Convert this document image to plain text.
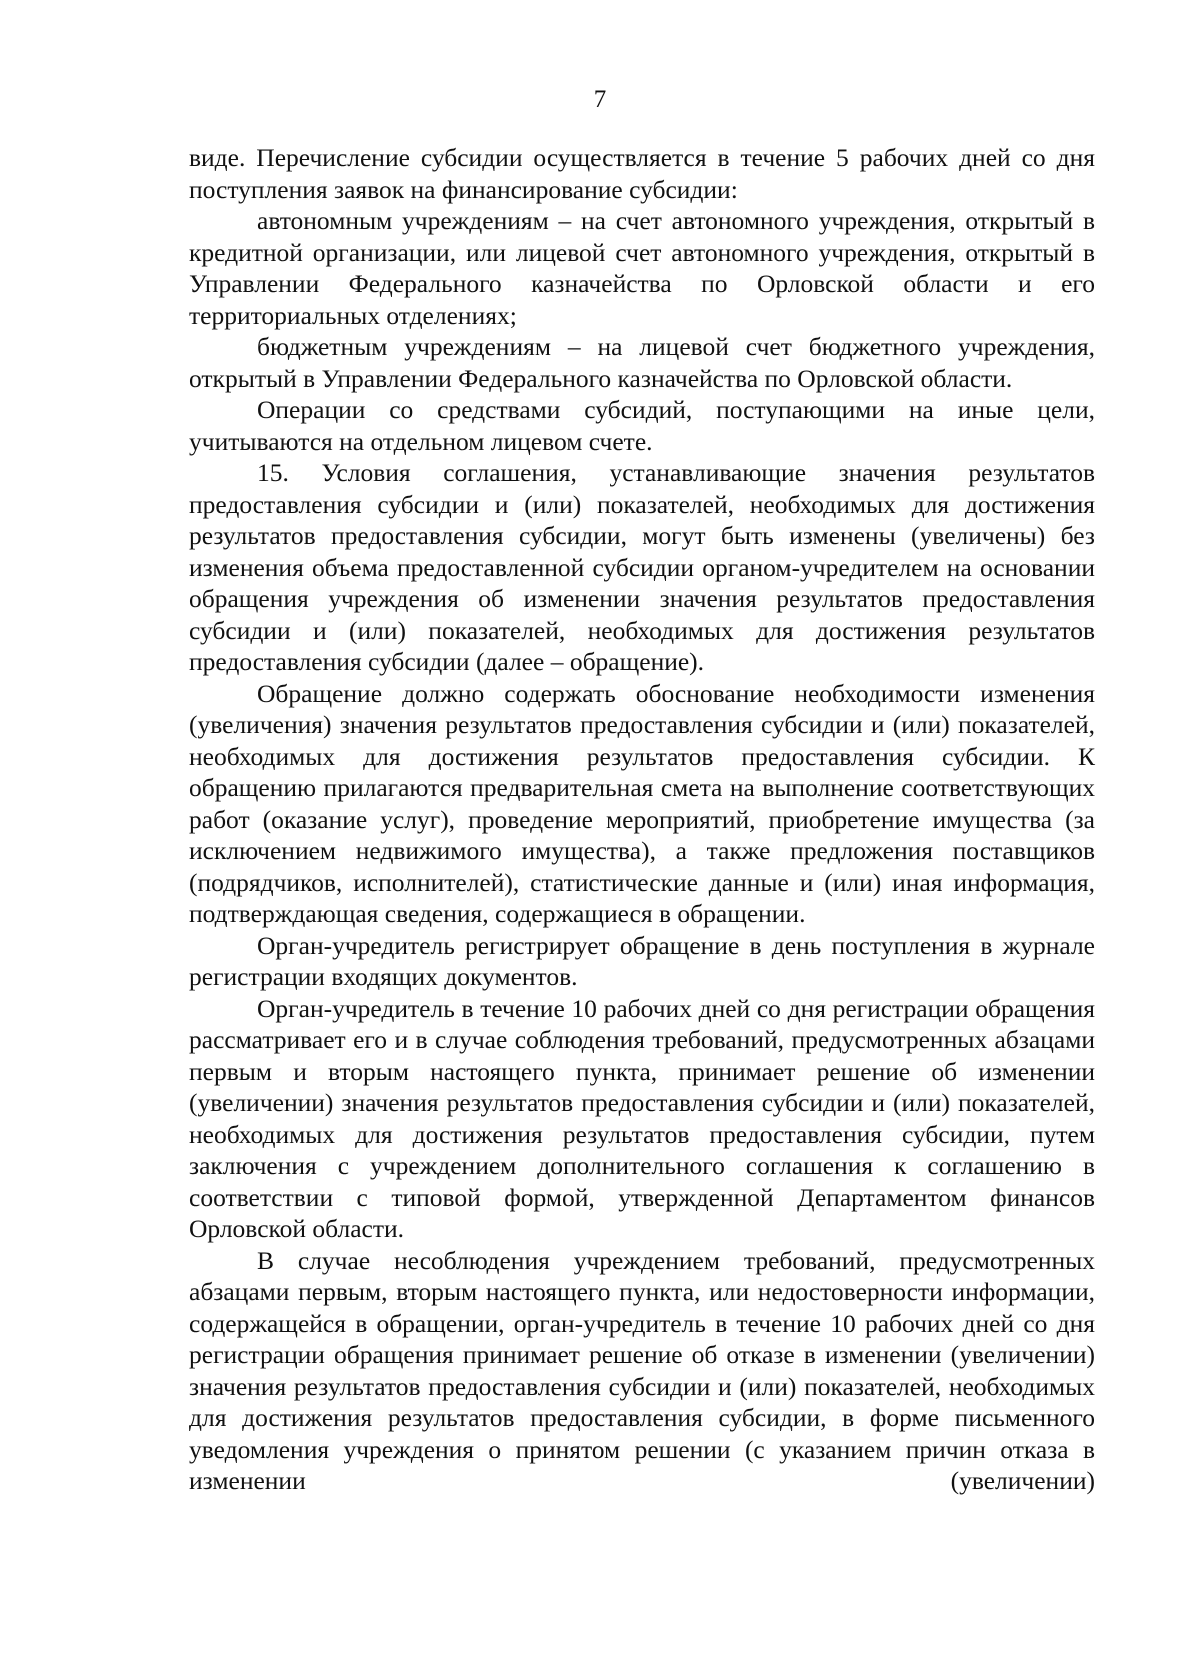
7

виде. Перечисление субсидии осуществляется в течение 5 рабочих дней со дня поступления заявок на финансирование субсидии:

автономным учреждениям – на счет автономного учреждения, открытый в кредитной организации, или лицевой счет автономного учреждения, открытый в Управлении Федерального казначейства по Орловской области и его территориальных отделениях;

бюджетным учреждениям – на лицевой счет бюджетного учреждения, открытый в Управлении Федерального казначейства по Орловской области.

Операции со средствами субсидий, поступающими на иные цели, учитываются на отдельном лицевом счете.

15. Условия соглашения, устанавливающие значения результатов предоставления субсидии и (или) показателей, необходимых для достижения результатов предоставления субсидии, могут быть изменены (увеличены) без изменения объема предоставленной субсидии органом-учредителем на основании обращения учреждения об изменении значения результатов предоставления субсидии и (или) показателей, необходимых для достижения результатов предоставления субсидии (далее – обращение).

Обращение должно содержать обоснование необходимости изменения (увеличения) значения результатов предоставления субсидии и (или) показателей, необходимых для достижения результатов предоставления субсидии. К обращению прилагаются предварительная смета на выполнение соответствующих работ (оказание услуг), проведение мероприятий, приобретение имущества (за исключением недвижимого имущества), а также предложения поставщиков (подрядчиков, исполнителей), статистические данные и (или) иная информация, подтверждающая сведения, содержащиеся в обращении.

Орган-учредитель регистрирует обращение в день поступления в журнале регистрации входящих документов.

Орган-учредитель в течение 10 рабочих дней со дня регистрации обращения рассматривает его и в случае соблюдения требований, предусмотренных абзацами первым и вторым настоящего пункта, принимает решение об изменении (увеличении) значения результатов предоставления субсидии и (или) показателей, необходимых для достижения результатов предоставления субсидии, путем заключения с учреждением дополнительного соглашения к соглашению в соответствии с типовой формой, утвержденной Департаментом финансов Орловской области.

В случае несоблюдения учреждением требований, предусмотренных абзацами первым, вторым настоящего пункта, или недостоверности информации, содержащейся в обращении, орган-учредитель в течение 10 рабочих дней со дня регистрации обращения принимает решение об отказе в изменении (увеличении) значения результатов предоставления субсидии и (или) показателей, необходимых для достижения результатов предоставления субсидии, в форме письменного уведомления учреждения о принятом решении (с указанием причин отказа в изменении (увеличении)
